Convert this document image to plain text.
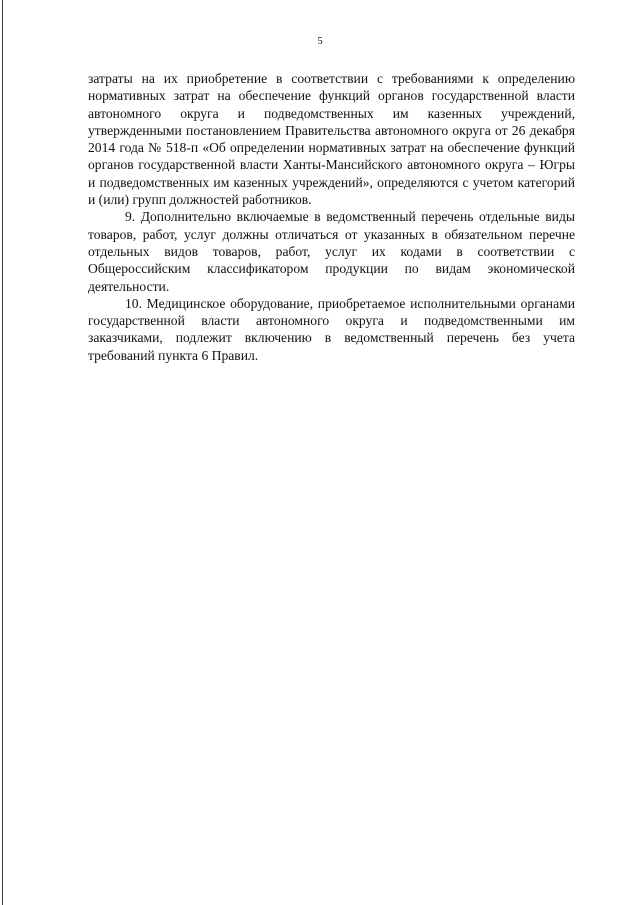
5

затраты на их приобретение в соответствии с требованиями к определению нормативных затрат на обеспечение функций органов государственной власти автономного округа и подведомственных им казенных учреждений, утвержденными постановлением Правительства автономного округа от 26 декабря 2014 года № 518-п «Об определении нормативных затрат на обеспечение функций органов государственной власти Ханты-Мансийского автономного округа – Югры и подведомственных им казенных учреждений», определяются с учетом категорий и (или) групп должностей работников.

9. Дополнительно включаемые в ведомственный перечень отдельные виды товаров, работ, услуг должны отличаться от указанных в обязательном перечне отдельных видов товаров, работ, услуг их кодами в соответствии с Общероссийским классификатором продукции по видам экономической деятельности.

10. Медицинское оборудование, приобретаемое исполнительными органами государственной власти автономного округа и подведомственными им заказчиками, подлежит включению в ведомственный перечень без учета требований пункта 6 Правил.
